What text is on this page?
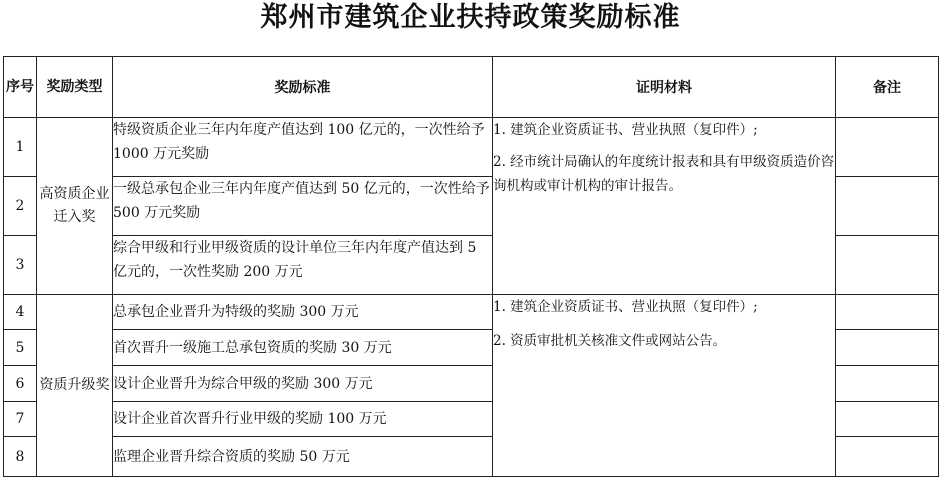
郑州市建筑企业扶持政策奖励标准
序号	奖励类型	奖励标准	证明材料	备注
1	高资质企业迁入奖	特级资质企业三年内年度产值达到 100 亿元的，一次性给予 1000 万元奖励	1. 建筑企业资质证书、营业执照（复印件）;
2. 经市统计局确认的年度统计报表和具有甲级资质造价咨询机构或审计机构的审计报告。	

2		一级总承包企业三年内年度产值达到 50 亿元的，一次性给予 500 万元奖励		
3		综合甲级和行业甲级资质的设计单位三年内年度产值达到 5 亿元的，一次性奖励 200 万元		
4	资质升级奖	总承包企业晋升为特级的奖励 300 万元	1. 建筑企业资质证书、营业执照（复印件）;
2. 资质审批机关核准文件或网站公告。	

5		首次晋升一级施工总承包资质的奖励 30 万元		
6		设计企业晋升为综合甲级的奖励 300 万元		
7		设计企业首次晋升行业甲级的奖励 100 万元		
8		监理企业晋升综合资质的奖励 50 万元		
